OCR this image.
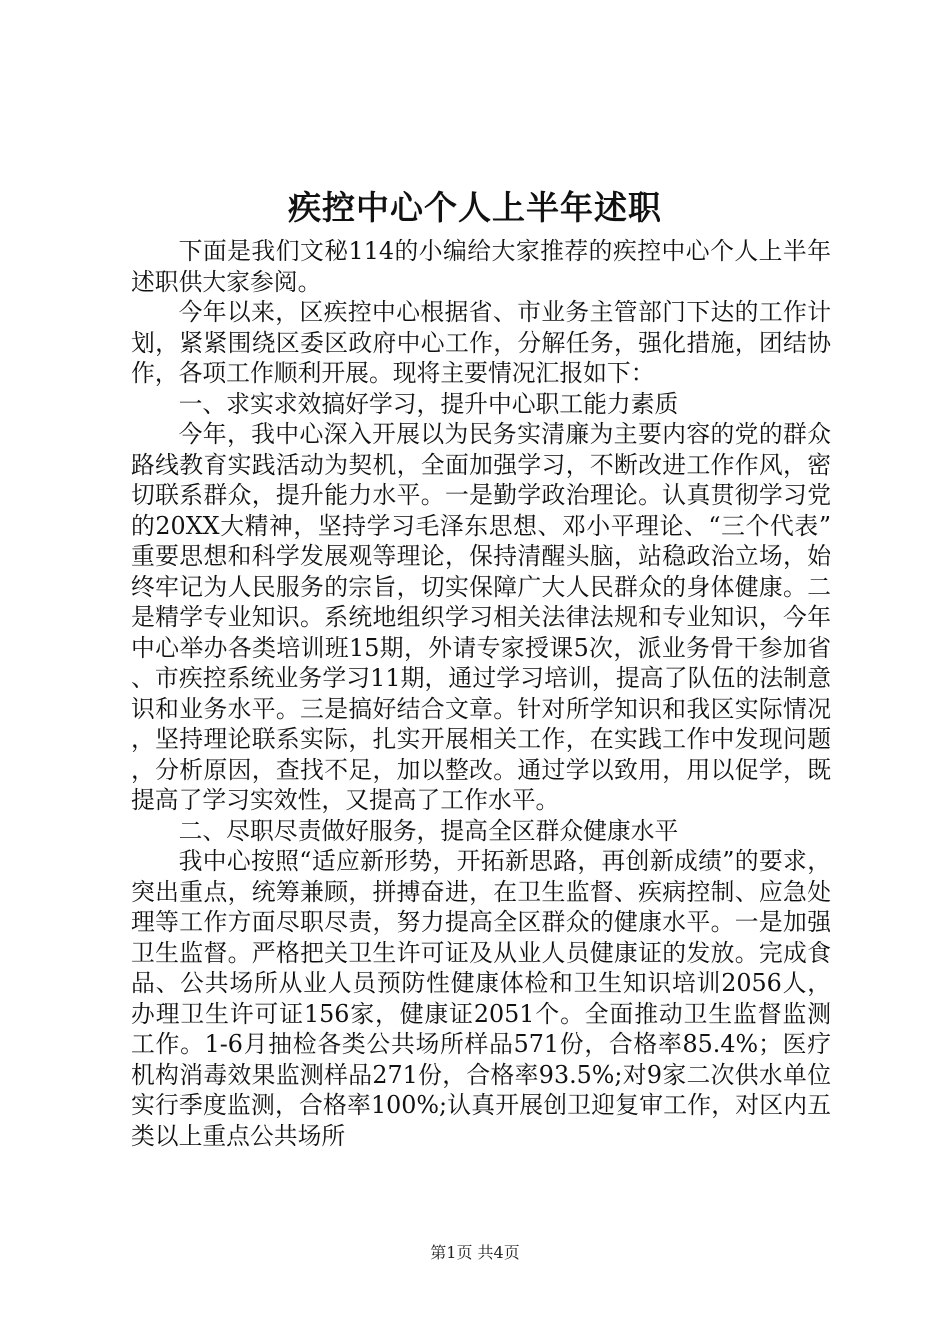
疾控中心个人上半年述职

下面是我们文秘114的小编给大家推荐的疾控中心个人上半年述职供大家参阅。

今年以来，区疾控中心根据省、市业务主管部门下达的工作计划，紧紧围绕区委区政府中心工作，分解任务，强化措施，团结协作，各项工作顺利开展。现将主要情况汇报如下：

一、求实求效搞好学习，提升中心职工能力素质

今年，我中心深入开展以为民务实清廉为主要内容的党的群众路线教育实践活动为契机，全面加强学习，不断改进工作作风，密切联系群众，提升能力水平。一是勤学政治理论。认真贯彻学习党的20XX大精神，坚持学习毛泽东思想、邓小平理论、“三个代表”重要思想和科学发展观等理论，保持清醒头脑，站稳政治立场，始终牢记为人民服务的宗旨，切实保障广大人民群众的身体健康。二是精学专业知识。系统地组织学习相关法律法规和专业知识，今年中心举办各类培训班15期，外请专家授课5次，派业务骨干参加省、市疾控系统业务学习11期，通过学习培训，提高了队伍的法制意识和业务水平。三是搞好结合文章。针对所学知识和我区实际情况，坚持理论联系实际，扎实开展相关工作，在实践工作中发现问题，分析原因，查找不足，加以整改。通过学以致用，用以促学，既提高了学习实效性，又提高了工作水平。

二、尽职尽责做好服务，提高全区群众健康水平

我中心按照“适应新形势，开拓新思路，再创新成绩”的要求，突出重点，统筹兼顾，拼搏奋进，在卫生监督、疾病控制、应急处理等工作方面尽职尽责，努力提高全区群众的健康水平。一是加强卫生监督。严格把关卫生许可证及从业人员健康证的发放。完成食品、公共场所从业人员预防性健康体检和卫生知识培训2056人，办理卫生许可证156家，健康证2051个。全面推动卫生监督监测工作。1-6月抽检各类公共场所样品571份，合格率85.4%；医疗机构消毒效果监测样品271份，合格率93.5%;对9家二次供水单位实行季度监测，合格率100%;认真开展创卫迎复审工作，对区内五类以上重点公共场所

第1页 共4页
